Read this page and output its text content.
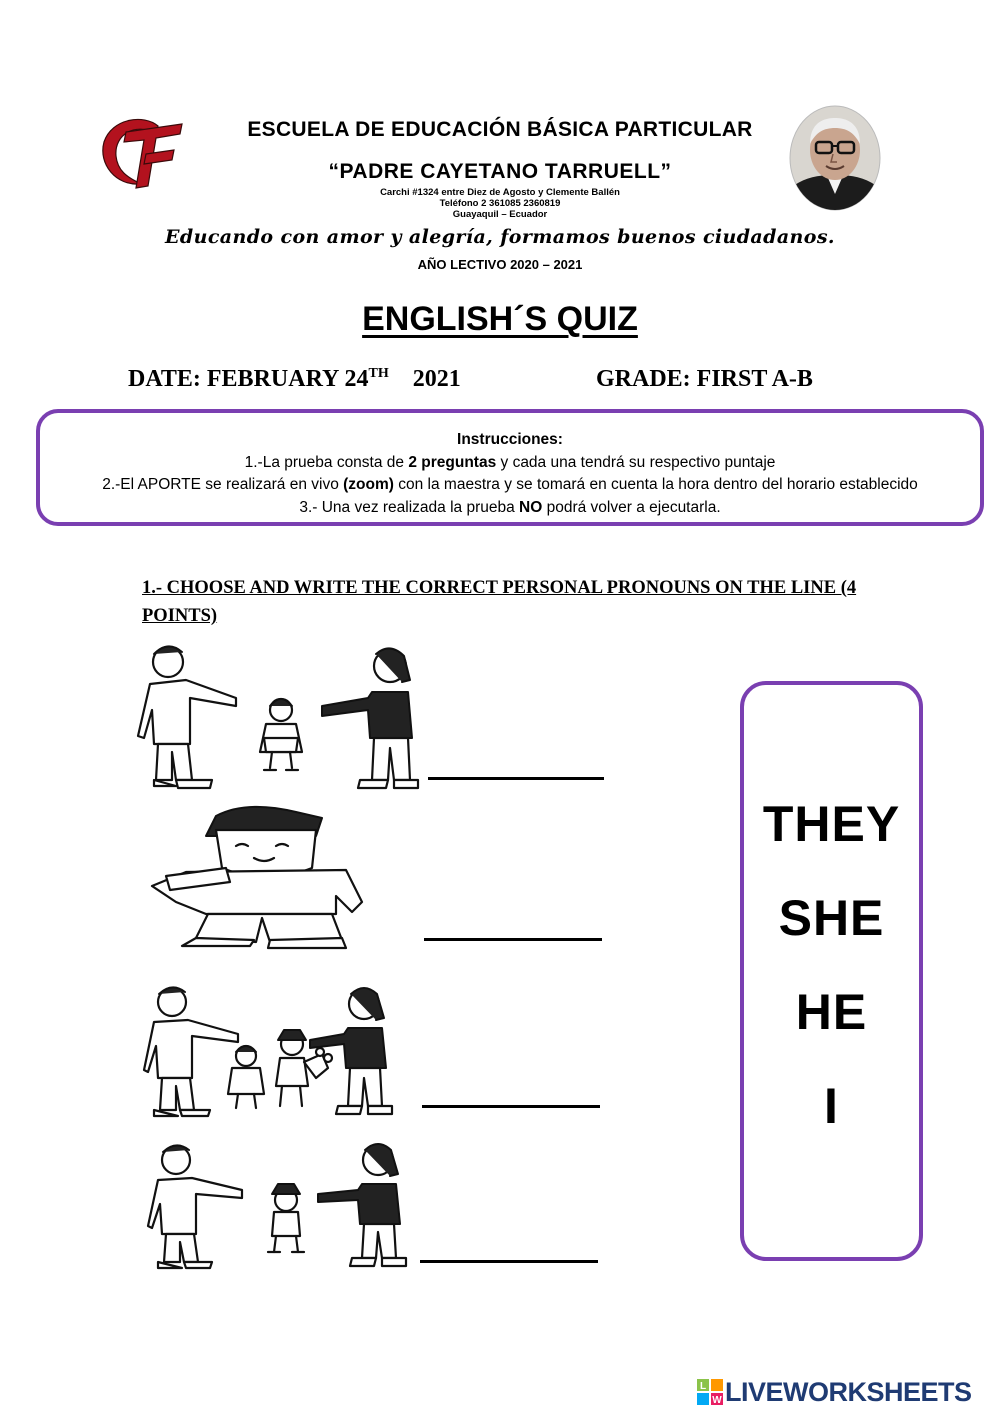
CT
ESCUELA DE EDUCACIÓN BÁSICA PARTICULAR
“PADRE CAYETANO TARRUELL”
Carchi #1324 entre Diez de Agosto y Clemente Ballén
Teléfono 2 361085 2360819
Guayaquil – Ecuador
Educando con amor y alegría, formamos buenos ciudadanos.
AÑO LECTIVO 2020 – 2021
ENGLISH´S QUIZ
DATE: FEBRUARY 24TH 2021	GRADE: FIRST A-B
Instrucciones:
1.-La prueba consta de 2 preguntas y cada una tendrá su respectivo puntaje
2.-El APORTE se realizará en vivo (zoom) con la maestra y se tomará en cuenta la hora dentro del horario establecido
3.- Una vez realizada la prueba NO podrá volver a ejecutarla.
1.- CHOOSE AND WRITE THE CORRECT PERSONAL PRONOUNS ON THE LINE (4 POINTS)
THEY
SHE
HE
I
L
W LIVEWORKSHEETS
